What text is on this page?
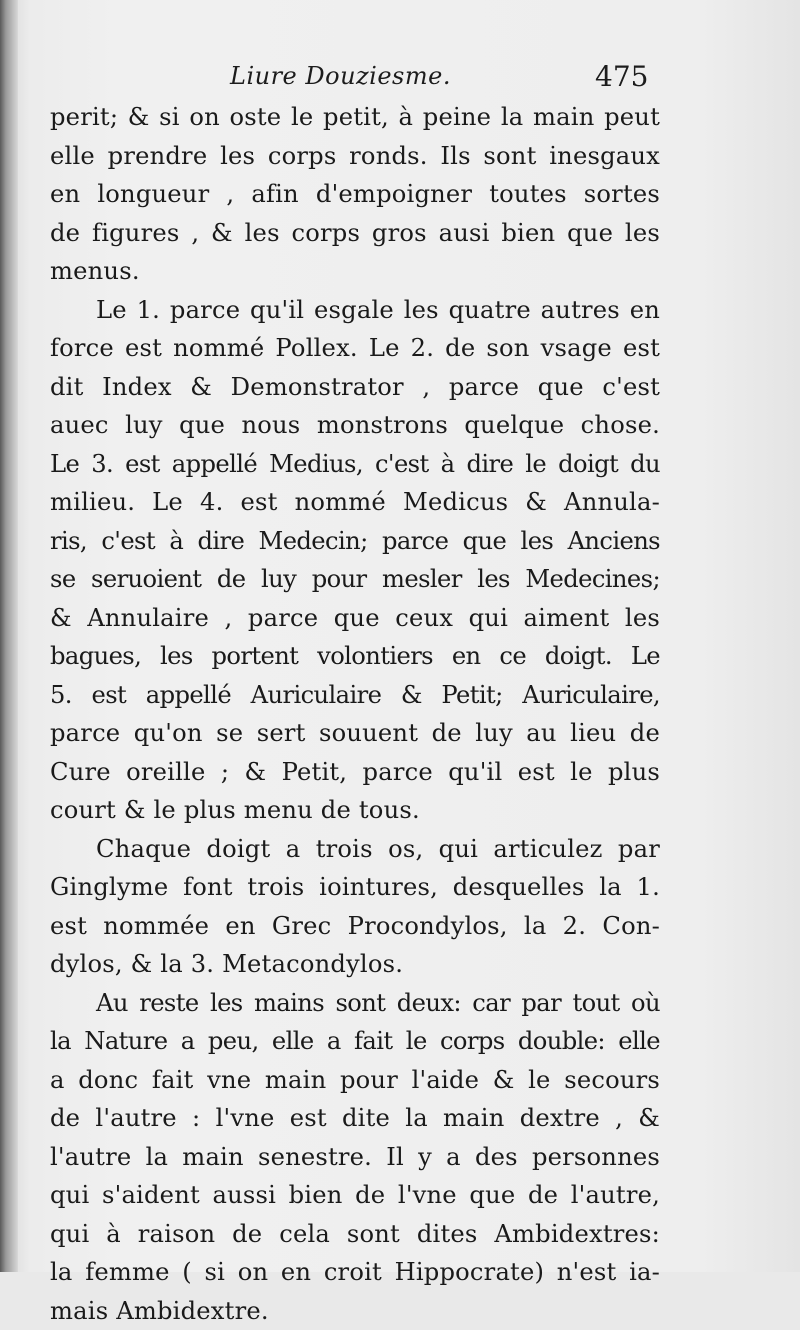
Liure Douziesme.	475
perit; & si on oste le petit, à peine la main peut
elle prendre les corps ronds. Ils sont inesgaux
en longueur , afin d'empoigner toutes sortes
de figures , & les corps gros ausi bien que les
menus.
Le 1. parce qu'il esgale les quatre autres en
force est nommé Pollex. Le 2. de son vsage est
dit Index & Demonstrator , parce que c'est
auec luy que nous monstrons quelque chose.
Le 3. est appellé Medius, c'est à dire le doigt du
milieu. Le 4. est nommé Medicus & Annula-
ris, c'est à dire Medecin; parce que les Anciens
se seruoient de luy pour mesler les Medecines;
& Annulaire , parce que ceux qui aiment les
bagues, les portent volontiers en ce doigt. Le
5. est appellé Auriculaire & Petit; Auriculaire,
parce qu'on se sert souuent de luy au lieu de
Cure oreille ; & Petit, parce qu'il est le plus
court & le plus menu de tous.
Chaque doigt a trois os, qui articulez par
Ginglyme font trois iointures, desquelles la 1.
est nommée en Grec Procondylos, la 2. Con-
dylos, & la 3. Metacondylos.
Au reste les mains sont deux: car par tout où
la Nature a peu, elle a fait le corps double: elle
a donc fait vne main pour l'aide & le secours
de l'autre : l'vne est dite la main dextre , &
l'autre la main senestre. Il y a des personnes
qui s'aident aussi bien de l'vne que de l'autre,
qui à raison de cela sont dites Ambidextres:
la femme ( si on en croit Hippocrate) n'est ia-
mais Ambidextre.
